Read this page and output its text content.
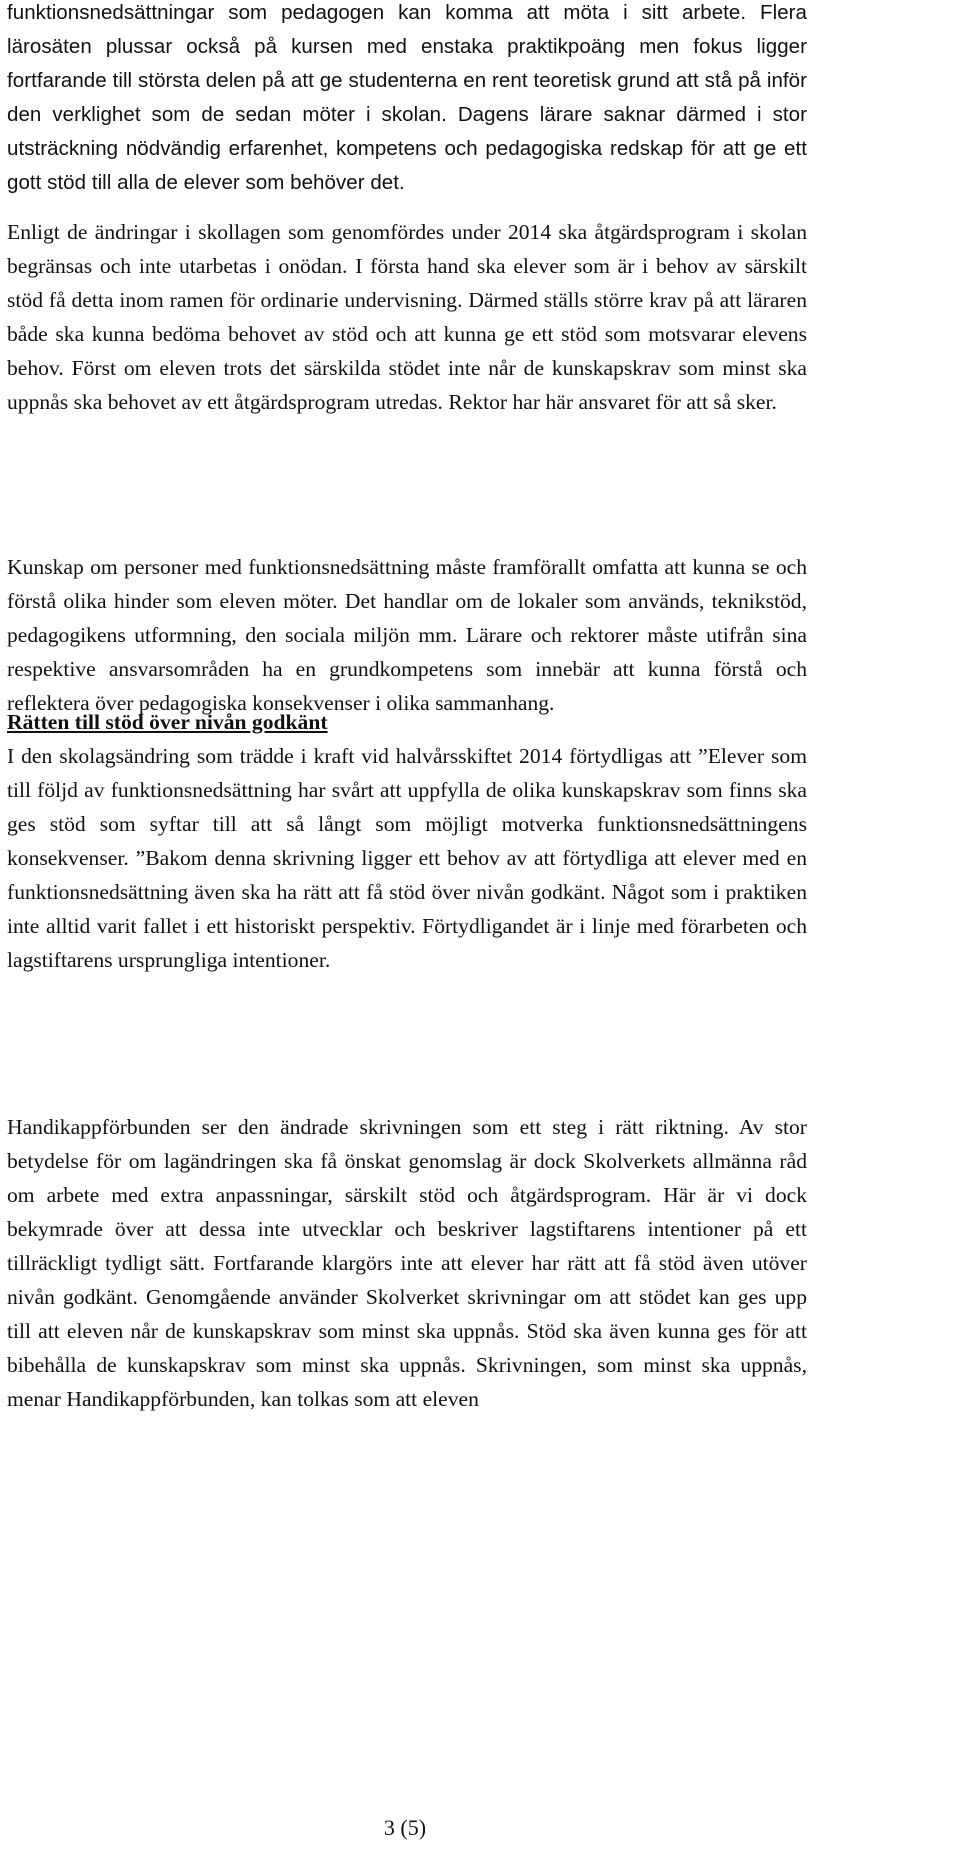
funktionsnedsättningar som pedagogen kan komma att möta i sitt arbete. Flera lärosäten plussar också på kursen med enstaka praktikpoäng men fokus ligger fortfarande till största delen på att ge studenterna en rent teoretisk grund att stå på inför den verklighet som de sedan möter i skolan. Dagens lärare saknar därmed i stor utsträckning nödvändig erfarenhet, kompetens och pedagogiska redskap för att ge ett gott stöd till alla de elever som behöver det.

Enligt de ändringar i skollagen som genomfördes under 2014 ska åtgärdsprogram i skolan begränsas och inte utarbetas i onödan. I första hand ska elever som är i behov av särskilt stöd få detta inom ramen för ordinarie undervisning. Därmed ställs större krav på att läraren både ska kunna bedöma behovet av stöd och att kunna ge ett stöd som motsvarar elevens behov. Först om eleven trots det särskilda stödet inte når de kunskapskrav som minst ska uppnås ska behovet av ett åtgärdsprogram utredas. Rektor har här ansvaret för att så sker.

Kunskap om personer med funktionsnedsättning måste framförallt omfatta att kunna se och förstå olika hinder som eleven möter. Det handlar om de lokaler som används, teknikstöd, pedagogikens utformning, den sociala miljön mm. Lärare och rektorer måste utifrån sina respektive ansvarsområden ha en grundkompetens som innebär att kunna förstå och reflektera över pedagogiska konsekvenser i olika sammanhang.

Rätten till stöd över nivån godkänt

I den skolagsändring som trädde i kraft vid halvårsskiftet 2014 förtydligas att ”Elever som till följd av funktionsnedsättning har svårt att uppfylla de olika kunskapskrav som finns ska ges stöd som syftar till att så långt som möjligt motverka funktionsnedsättningens konsekvenser. ”Bakom denna skrivning ligger ett behov av att förtydliga att elever med en funktionsnedsättning även ska ha rätt att få stöd över nivån godkänt. Något som i praktiken inte alltid varit fallet i ett historiskt perspektiv. Förtydligandet är i linje med förarbeten och lagstiftarens ursprungliga intentioner.

Handikappförbunden ser den ändrade skrivningen som ett steg i rätt riktning. Av stor betydelse för om lagändringen ska få önskat genomslag är dock Skolverkets allmänna råd om arbete med extra anpassningar, särskilt stöd och åtgärdsprogram. Här är vi dock bekymrade över att dessa inte utvecklar och beskriver lagstiftarens intentioner på ett tillräckligt tydligt sätt. Fortfarande klargörs inte att elever har rätt att få stöd även utöver nivån godkänt. Genomgående använder Skolverket skrivningar om att stödet kan ges upp till att eleven når de kunskapskrav som minst ska uppnås. Stöd ska även kunna ges för att bibehålla de kunskapskrav som minst ska uppnås. Skrivningen, som minst ska uppnås, menar Handikappförbunden, kan tolkas som att eleven

3 (5)
